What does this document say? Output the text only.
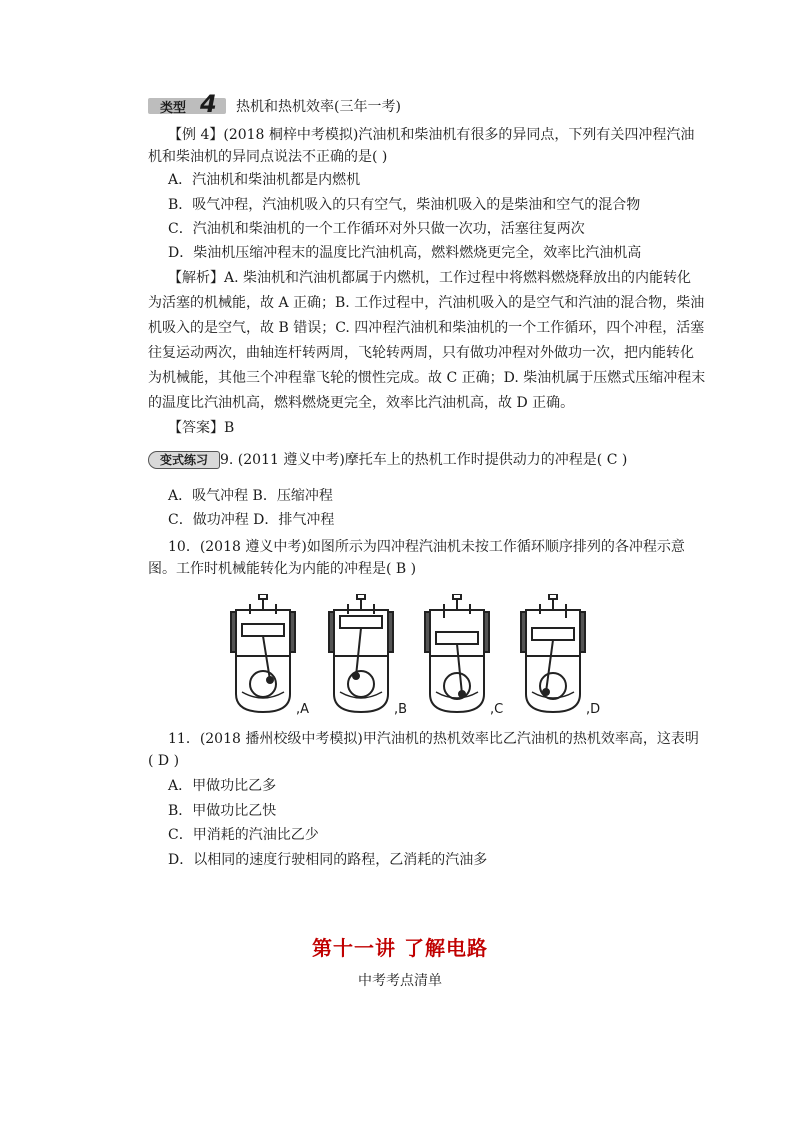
类型 4 热机和热机效率(三年一考)
【例 4】(2018 桐梓中考模拟)汽油机和柴油机有很多的异同点，下列有关四冲程汽油
机和柴油机的异同点说法不正确的是( )
A．汽油机和柴油机都是内燃机
B．吸气冲程，汽油机吸入的只有空气，柴油机吸入的是柴油和空气的混合物
C．汽油机和柴油机的一个工作循环对外只做一次功，活塞往复两次
D．柴油机压缩冲程末的温度比汽油机高，燃料燃烧更完全，效率比汽油机高
【解析】A. 柴油机和汽油机都属于内燃机，工作过程中将燃料燃烧释放出的内能转化
为活塞的机械能，故 A 正确；B. 工作过程中，汽油机吸入的是空气和汽油的混合物，柴油
机吸入的是空气，故 B 错误；C. 四冲程汽油机和柴油机的一个工作循环，四个冲程，活塞
往复运动两次，曲轴连杆转两周，飞轮转两周，只有做功冲程对外做功一次，把内能转化
为机械能，其他三个冲程靠飞轮的惯性完成。故 C 正确；D. 柴油机属于压燃式压缩冲程末
的温度比汽油机高，燃料燃烧更完全，效率比汽油机高，故 D 正确。
【答案】B
变式练习 9. (2011 遵义中考)摩托车上的热机工作时提供动力的冲程是( C )
A．吸气冲程 B．压缩冲程
C．做功冲程 D．排气冲程
10．(2018 遵义中考)如图所示为四冲程汽油机未按工作循环顺序排列的各冲程示意
图。工作时机械能转化为内能的冲程是( B )
,A	,B	,C	,D
11．(2018 播州校级中考模拟)甲汽油机的热机效率比乙汽油机的热机效率高，这表明
( D )
A．甲做功比乙多
B．甲做功比乙快
C．甲消耗的汽油比乙少
D．以相同的速度行驶相同的路程，乙消耗的汽油多
第十一讲 了解电路
中考考点清单
